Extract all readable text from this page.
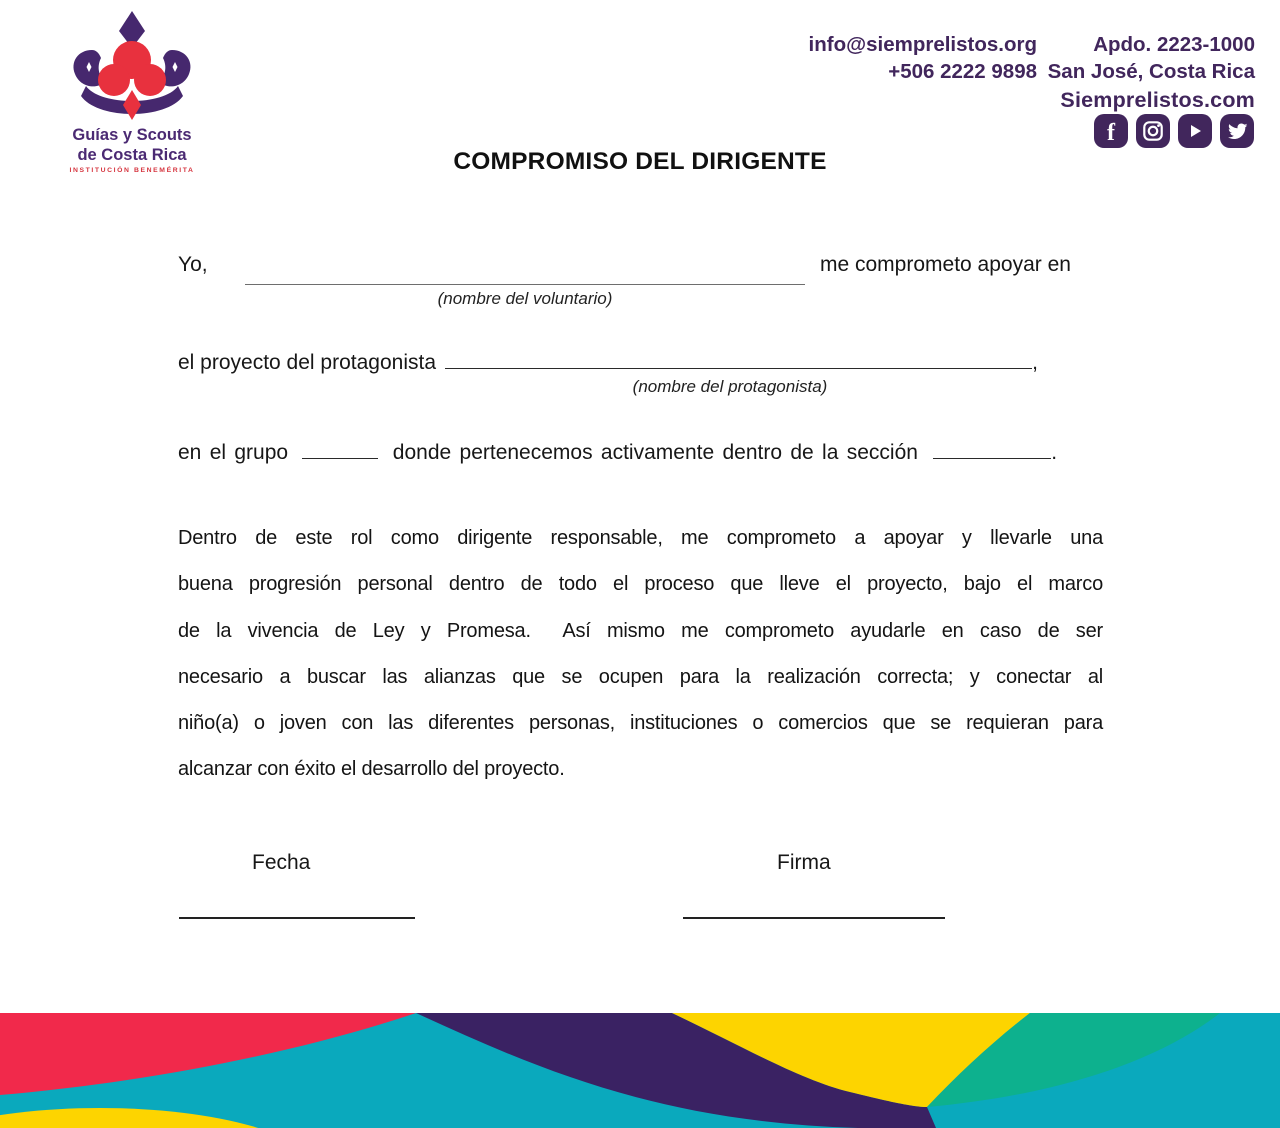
Guías y Scouts
de Costa Rica
INSTITUCIÓN BENEMÉRITA
info@siemprelistos.org
+506 2222 9898
Apdo. 2223-1000
San José, Costa Rica
Siemprelistos.com
f
COMPROMISO DEL DIRIGENTE
Yo,
(nombre del voluntario)
me comprometo apoyar en
el proyecto del protagonista	,
(nombre del protagonista)
en el grupo	donde pertenecemos activamente dentro de la sección	.
Dentro de este rol como dirigente responsable, me comprometo a apoyar y llevarle una
buena progresión personal dentro de todo el proceso que lleve el proyecto, bajo el marco
de la vivencia de Ley y Promesa.  Así mismo me comprometo ayudarle en caso de ser
necesario a buscar las alianzas que se ocupen para la realización correcta; y conectar al
niño(a) o joven con las diferentes personas, instituciones o comercios que se requieran para
alcanzar con éxito el desarrollo del proyecto.
Fecha	Firma
